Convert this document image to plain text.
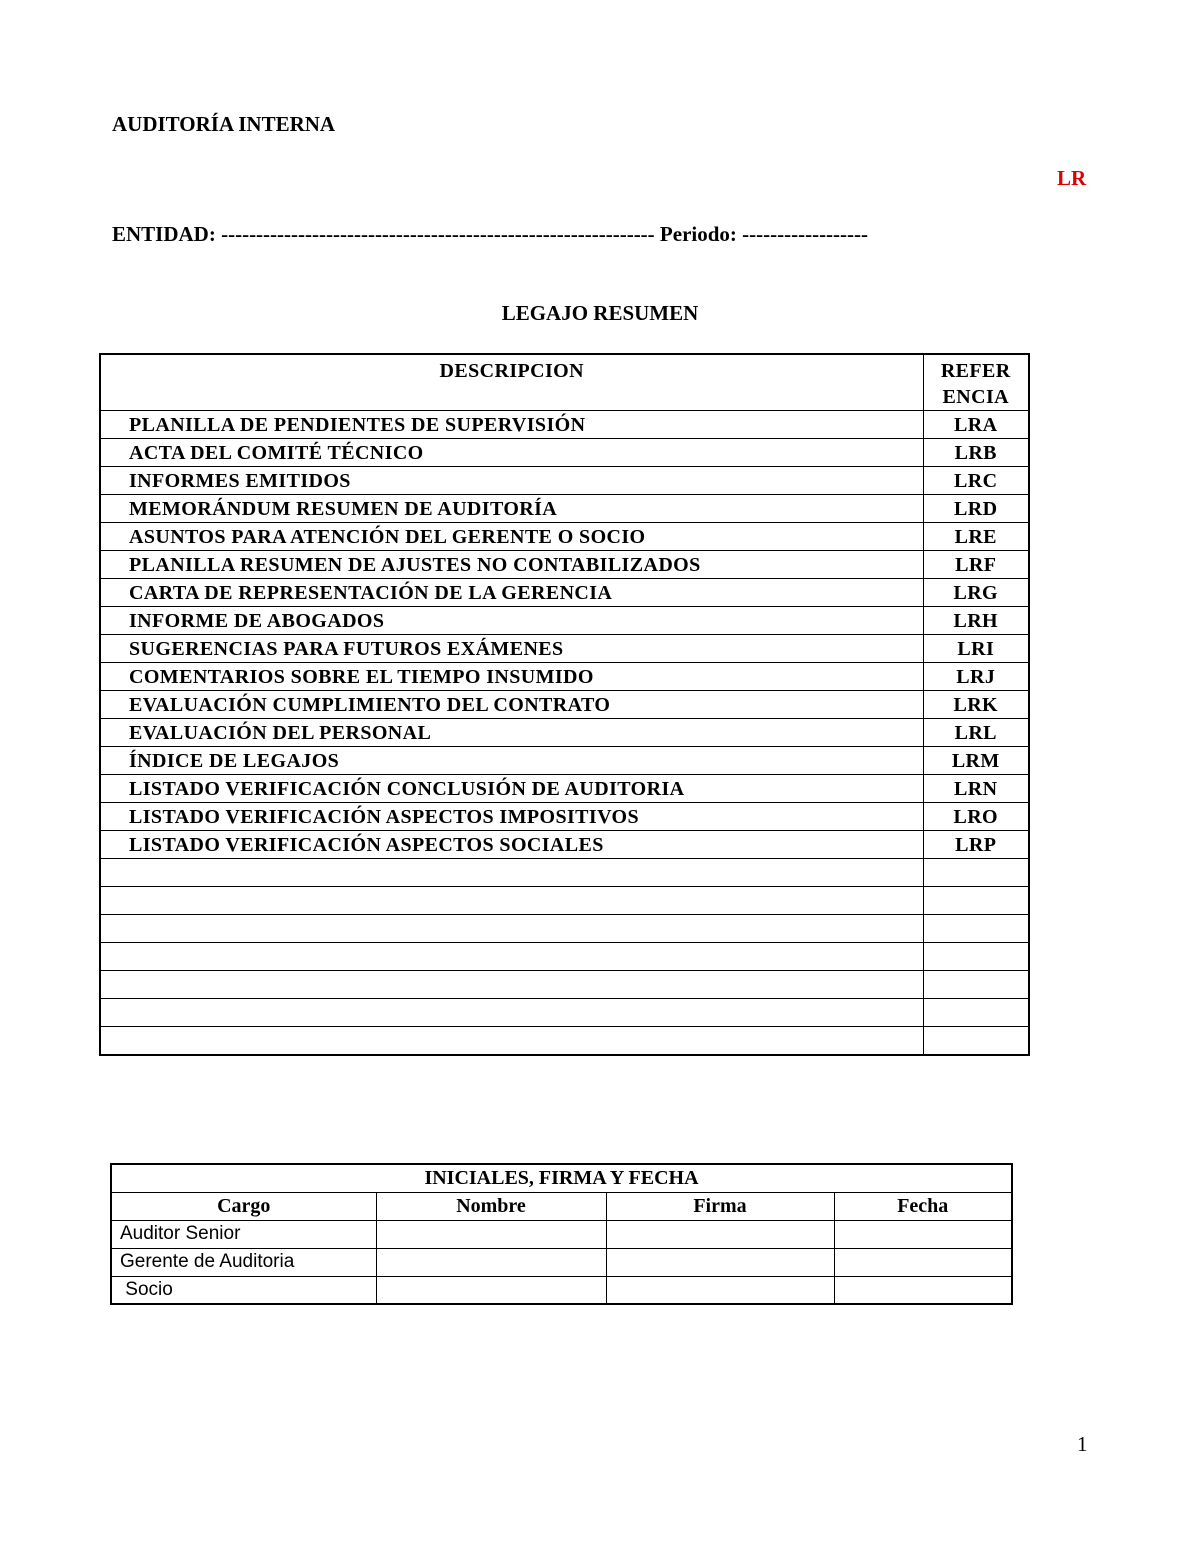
AUDITORÍA INTERNA
LR
ENTIDAD: -------------------------------------------------------------- Periodo: ------------------
LEGAJO RESUMEN
DESCRIPCION	REFER
ENCIA

PLANILLA DE PENDIENTES DE SUPERVISIÓN	LRA
ACTA DEL COMITÉ TÉCNICO	LRB
INFORMES EMITIDOS	LRC
MEMORÁNDUM RESUMEN DE AUDITORÍA	LRD
ASUNTOS PARA ATENCIÓN DEL GERENTE O SOCIO	LRE
PLANILLA RESUMEN DE AJUSTES NO CONTABILIZADOS	LRF
CARTA DE REPRESENTACIÓN DE LA GERENCIA	LRG
INFORME DE ABOGADOS	LRH
SUGERENCIAS PARA FUTUROS EXÁMENES	LRI
COMENTARIOS SOBRE EL TIEMPO INSUMIDO	LRJ
EVALUACIÓN CUMPLIMIENTO DEL CONTRATO	LRK
EVALUACIÓN DEL PERSONAL	LRL
ÍNDICE DE LEGAJOS	LRM
LISTADO VERIFICACIÓN CONCLUSIÓN DE AUDITORIA	LRN
LISTADO VERIFICACIÓN ASPECTOS IMPOSITIVOS	LRO
LISTADO VERIFICACIÓN ASPECTOS SOCIALES	LRP

INICIALES, FIRMA Y FECHA			
Cargo	Nombre	Firma	Fecha
Auditor Senior			
Gerente de Auditoria			
Socio			
1
